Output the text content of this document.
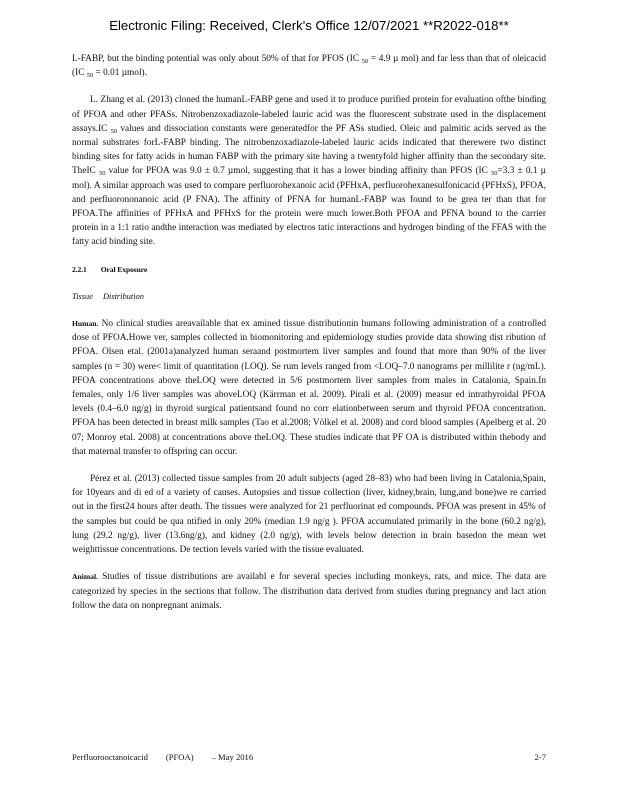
Electronic Filing: Received, Clerk's Office 12/07/2021 **R2022-018**

L-FABP, but the binding potential was only about 50% of that for PFOS (IC $_{50}$ = 4.9 µ mol) and far less than that of oleicacid (IC $_{50}$ = 0.01 µmol).

L. Zhang et al. (2013) cloned the humanL-FABP gene and used it to produce purified protein for evaluation ofthe binding of PFOA and other PFASs. Nitrobenzoxadiazole-labeled lauric acid was the fluorescent substrate used in the displacement assays.IC $_{50}$ values and dissociation constants were generatedfor the PF ASs studied. Oleic and palmitic acids served as the normal substrates forL-FABP binding. The nitrobenzoxadiazole-labeled lauric acids indicated that therewere two distinct binding sites for fatty acids in human FABP with the primary site having a twentyfold higher affinity than the secondary site. TheIC $_{50}$ value for PFOA was 9.0 ± 0.7 µmol, suggesting that it has a lower binding affinity than PFOS (IC $_{50}$=3.3 ± 0.1 µ mol). A similar approach was used to compare perfluorohexanoic acid (PFHxA, perfluorohexanesulfonicacid (PFHxS), PFOA, and perfluorononanoic acid (P FNA). The affinity of PFNA for humanL-FABP was found to be grea ter than that for PFOA.The affinities of PFHxA and PFHxS for the protein were much lower.Both PFOA and PFNA bound to the carrier protein in a 1:1 ratio andthe interaction was mediated by electros tatic interactions and hydrogen binding of the FFAS with the fatty acid binding site.

2.2.1 Oral Exposure

Tissue Distribution

Human. No clinical studies areavailable that ex amined tissue distributionin humans following administration of a controlled dose of PFOA.Howe ver, samples collected in biomonitoring and epidemiology studies provide data showing dist ribution of PFOA. Olsen etal. (2001a)analyzed human seraand postmortem liver samples and found that more than 90% of the liver samples (n = 30) were< limit of quantitation (LOQ). Se rum levels ranged from <LOQ–7.0 nanograms per millilite r (ng/mL). PFOA concentrations above theLOQ were detected in 5/6 postmortem liver samples from males in Catalonia, Spain.In females, only 1/6 liver samples was aboveLOQ (Kärrman et al. 2009). Pirali et al. (2009) measur ed intrathyroidal PFOA levels (0.4–6.0 ng/g) in thyroid surgical patientsand found no corr elationbetween serum and thyroid PFOA concentration. PFOA has been detected in breast milk samples (Tao et al.2008; Völkel et al. 2008) and cord blood samples (Apelberg et al. 20 07; Monroy etal. 2008) at concentrations above theLOQ. These studies indicate that PF OA is distributed within thebody and that maternal transfer to offspring can occur.

Pérez et al. (2013) collected tissue samples from 20 adult subjects (aged 28–83) who had been living in Catalonia,Spain, for 10years and di ed of a variety of causes. Autopsies and tissue collection (liver, kidney,brain, lung,and bone)we re carried out in the first24 hours after death. The tissues were analyzed for 21 perfluorinat ed compounds. PFOA was present in 45% of the samples but could be qua ntified in only 20% (median 1.9 ng/g ). PFOA accumulated primarily in the bone (60.2 ng/g), lung (29.2 ng/g), liver (13.6ng/g), and kidney (2.0 ng/g), with levels below detection in brain basedon the mean wet weighttissue concentrations. De tection levels varied with the tissue evaluated.

Animal. Studies of tissue distributions are availabl e for several species including monkeys, rats, and mice. The data are categorized by species in the sections that follow. The distribution data derived from studies during pregnancy and lact ation follow the data on nonpregnant animals.

Perfluorooctanoicacid (PFOA) – May 2016	2-7
